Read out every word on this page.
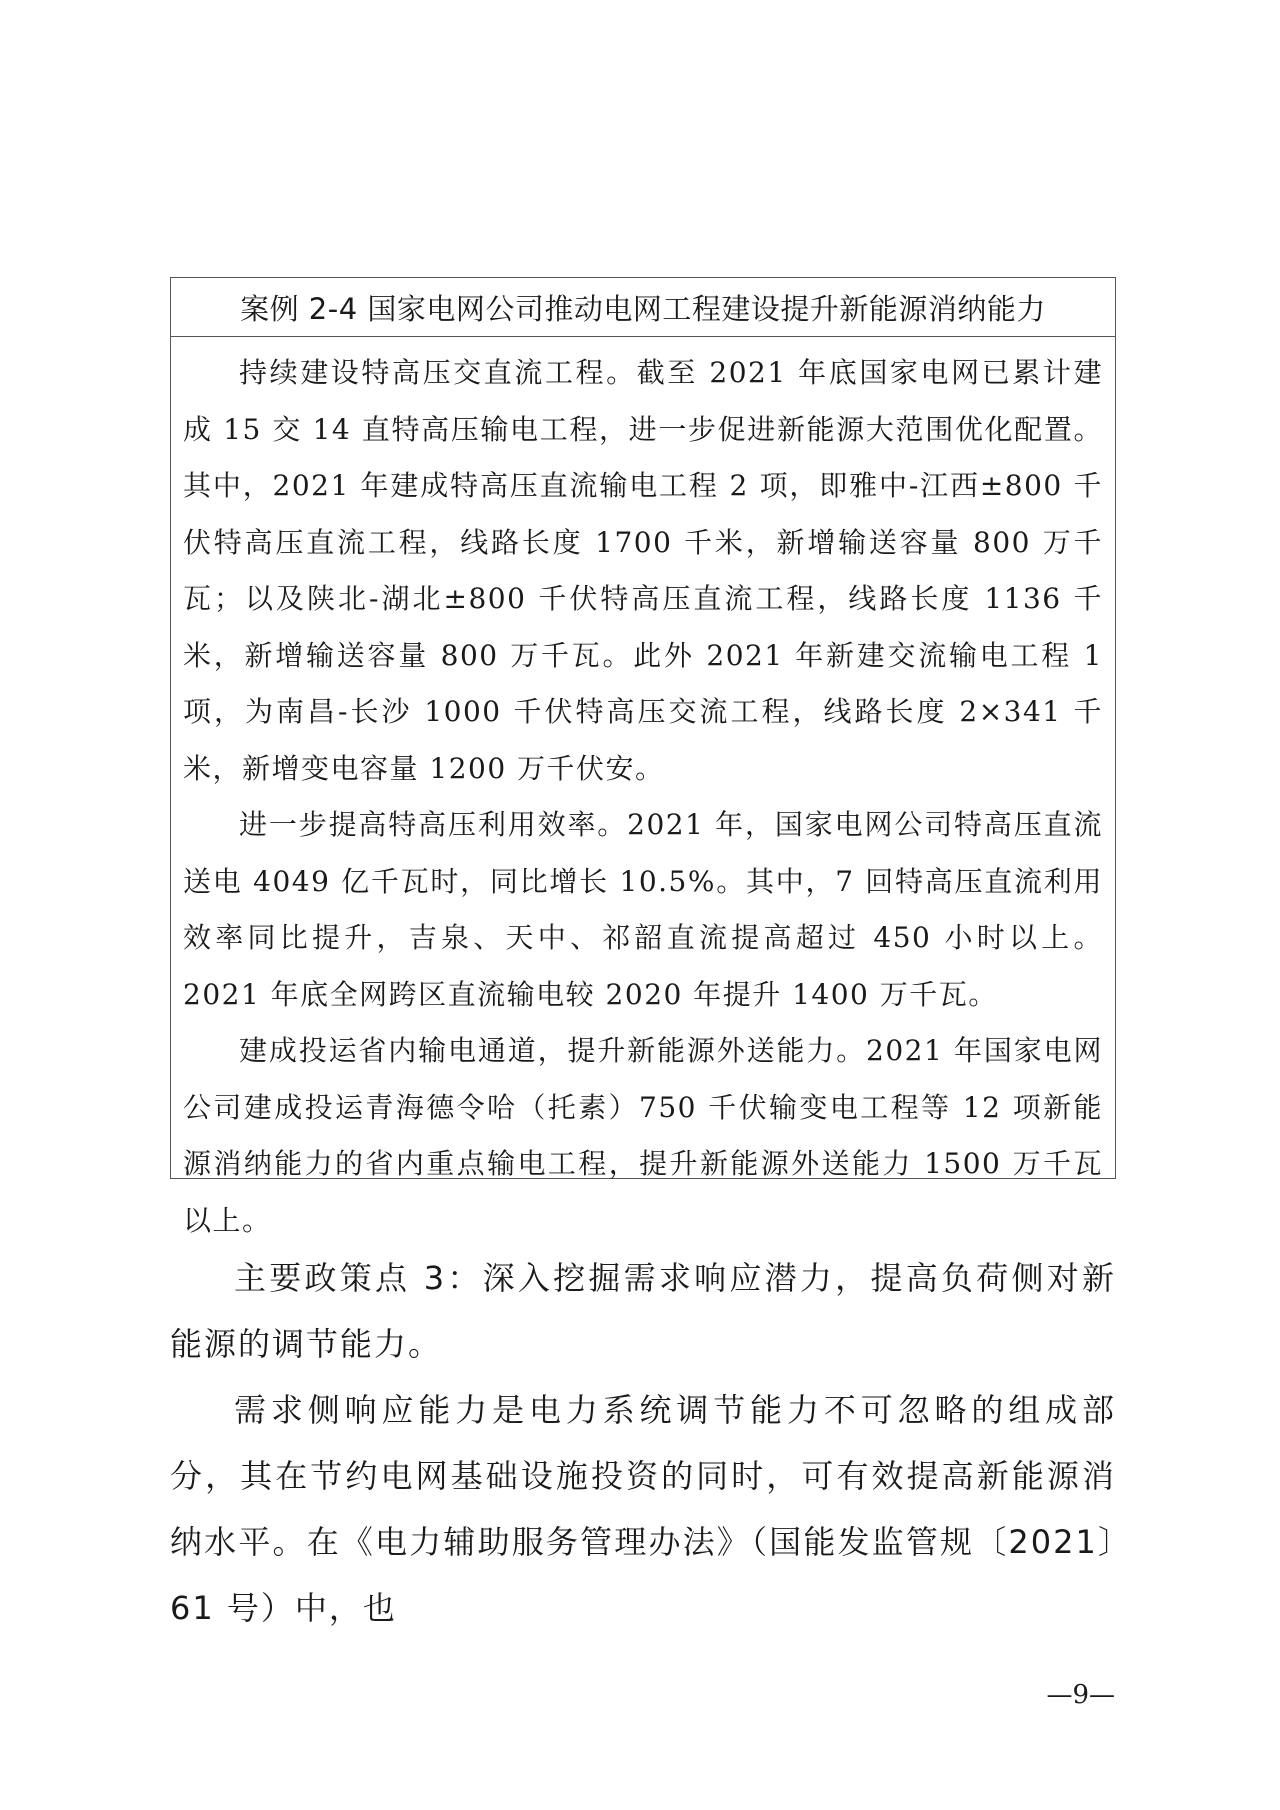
案例 2-4 国家电网公司推动电网工程建设提升新能源消纳能力

持续建设特高压交直流工程。截至 2021 年底国家电网已累计建成 15 交 14 直特高压输电工程，进一步促进新能源大范围优化配置。其中，2021 年建成特高压直流输电工程 2 项，即雅中-江西±800 千伏特高压直流工程，线路长度 1700 千米，新增输送容量 800 万千瓦；以及陕北-湖北±800 千伏特高压直流工程，线路长度 1136 千米，新增输送容量 800 万千瓦。此外 2021 年新建交流输电工程 1 项，为南昌-长沙 1000 千伏特高压交流工程，线路长度 2×341 千米，新增变电容量 1200 万千伏安。

进一步提高特高压利用效率。2021 年，国家电网公司特高压直流送电 4049 亿千瓦时，同比增长 10.5%。其中，7 回特高压直流利用效率同比提升，吉泉、天中、祁韶直流提高超过 450 小时以上。2021 年底全网跨区直流输电较 2020 年提升 1400 万千瓦。

建成投运省内输电通道，提升新能源外送能力。2021 年国家电网公司建成投运青海德令哈（托素）750 千伏输变电工程等 12 项新能源消纳能力的省内重点输电工程，提升新能源外送能力 1500 万千瓦以上。

主要政策点 3：深入挖掘需求响应潜力，提高负荷侧对新能源的调节能力。

需求侧响应能力是电力系统调节能力不可忽略的组成部分，其在节约电网基础设施投资的同时，可有效提高新能源消纳水平。在《电力辅助服务管理办法》（国能发监管规〔2021〕61 号）中，也

—9—
